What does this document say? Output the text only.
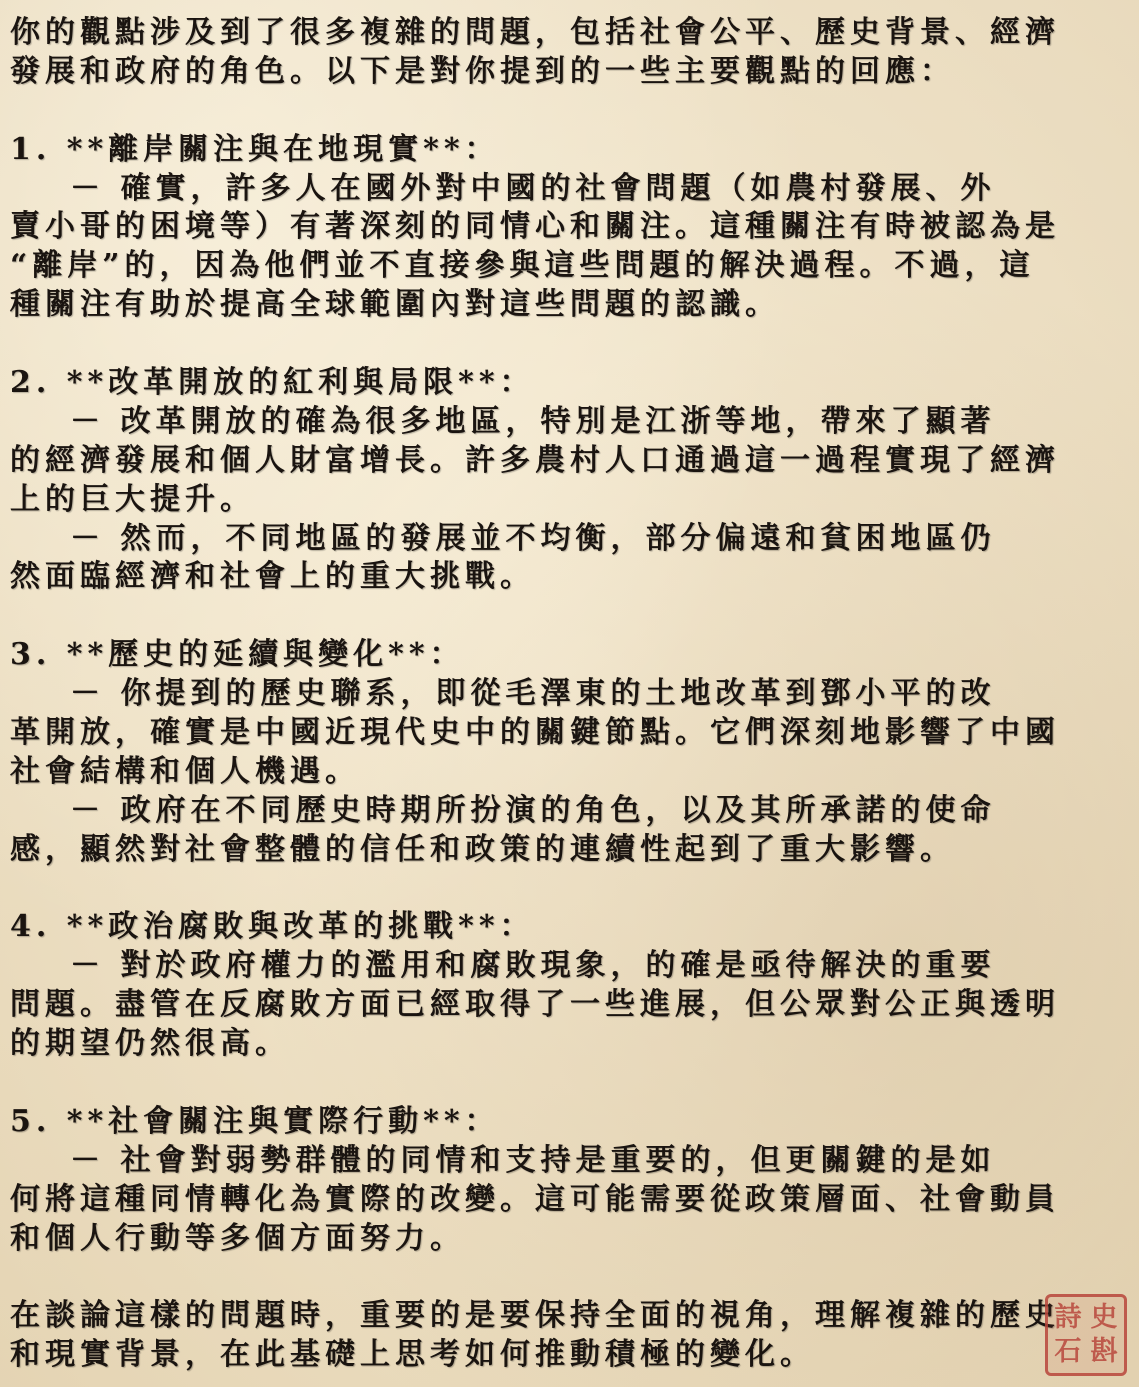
你的觀點涉及到了很多複雜的問題，包括社會公平、歷史背景、經濟
發展和政府的角色。以下是對你提到的一些主要觀點的回應：
1. **離岸關注與在地現實**：
－ 確實，許多人在國外對中國的社會問題（如農村發展、外
賣小哥的困境等）有著深刻的同情心和關注。這種關注有時被認為是
“離岸”的，因為他們並不直接參與這些問題的解決過程。不過，這
種關注有助於提高全球範圍內對這些問題的認識。
2. **改革開放的紅利與局限**：
－ 改革開放的確為很多地區，特別是江浙等地，帶來了顯著
的經濟發展和個人財富增長。許多農村人口通過這一過程實現了經濟
上的巨大提升。
－ 然而，不同地區的發展並不均衡，部分偏遠和貧困地區仍
然面臨經濟和社會上的重大挑戰。
3. **歷史的延續與變化**：
－ 你提到的歷史聯系，即從毛澤東的土地改革到鄧小平的改
革開放，確實是中國近現代史中的關鍵節點。它們深刻地影響了中國
社會結構和個人機遇。
－ 政府在不同歷史時期所扮演的角色，以及其所承諾的使命
感，顯然對社會整體的信任和政策的連續性起到了重大影響。
4. **政治腐敗與改革的挑戰**：
－ 對於政府權力的濫用和腐敗現象，的確是亟待解決的重要
問題。盡管在反腐敗方面已經取得了一些進展，但公眾對公正與透明
的期望仍然很高。
5. **社會關注與實際行動**：
－ 社會對弱勢群體的同情和支持是重要的，但更關鍵的是如
何將這種同情轉化為實際的改變。這可能需要從政策層面、社會動員
和個人行動等多個方面努力。
在談論這樣的問題時，重要的是要保持全面的視角，理解複雜的歷史
和現實背景，在此基礎上思考如何推動積極的變化。
詩 史
石 斟
